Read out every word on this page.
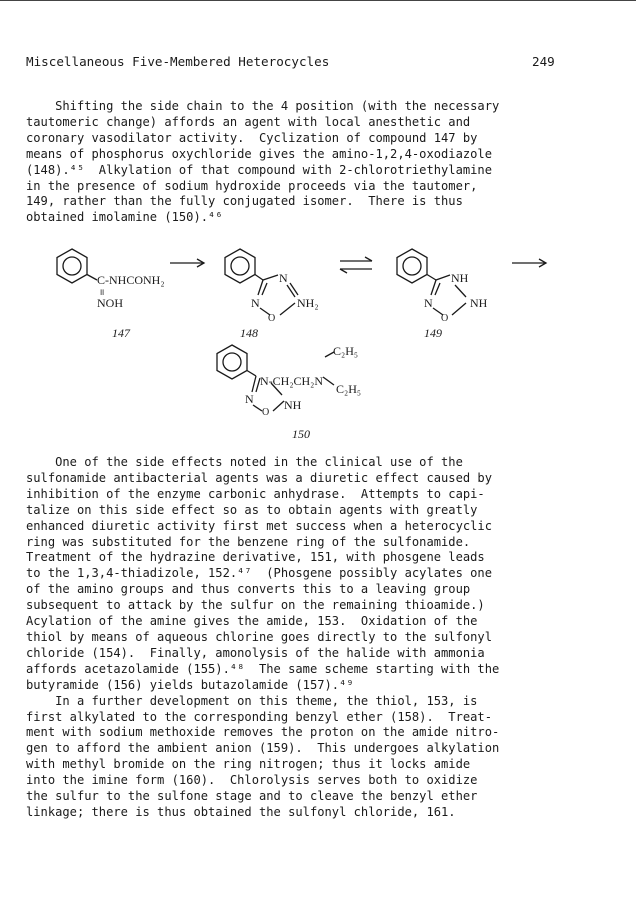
Miscellaneous Five-Membered Heterocycles	249
Shifting the side chain to the 4 position (with the necessary
tautomeric change) affords an agent with local anesthetic and
coronary vasodilator activity.  Cyclization of compound 147 by
means of phosphorus oxychloride gives the amino-1,2,4-oxodiazole
(148).⁴⁵  Alkylation of that compound with 2-chlorotriethylamine
in the presence of sodium hydroxide proceeds via the tautomer,
149, rather than the fully conjugated isomer.  There is thus
obtained imolamine (150).⁴⁶
C-NHCONH₂
॥
NOH
N
N
O
NH₂
NH
N
O
NH
N-CH₂CH₂N
C₂H₅
C₂H₅
N
O
NH
147	148	149
150
One of the side effects noted in the clinical use of the
sulfonamide antibacterial agents was a diuretic effect caused by
inhibition of the enzyme carbonic anhydrase.  Attempts to capi-
talize on this side effect so as to obtain agents with greatly
enhanced diuretic activity first met success when a heterocyclic
ring was substituted for the benzene ring of the sulfonamide.
Treatment of the hydrazine derivative, 151, with phosgene leads
to the 1,3,4-thiadizole, 152.⁴⁷  (Phosgene possibly acylates one
of the amino groups and thus converts this to a leaving group
subsequent to attack by the sulfur on the remaining thioamide.)
Acylation of the amine gives the amide, 153.  Oxidation of the
thiol by means of aqueous chlorine goes directly to the sulfonyl
chloride (154).  Finally, amonolysis of the halide with ammonia
affords acetazolamide (155).⁴⁸  The same scheme starting with the
butyramide (156) yields butazolamide (157).⁴⁹
In a further development on this theme, the thiol, 153, is
first alkylated to the corresponding benzyl ether (158).  Treat-
ment with sodium methoxide removes the proton on the amide nitro-
gen to afford the ambient anion (159).  This undergoes alkylation
with methyl bromide on the ring nitrogen; thus it locks amide
into the imine form (160).  Chlorolysis serves both to oxidize
the sulfur to the sulfone stage and to cleave the benzyl ether
linkage; there is thus obtained the sulfonyl chloride, 161.
